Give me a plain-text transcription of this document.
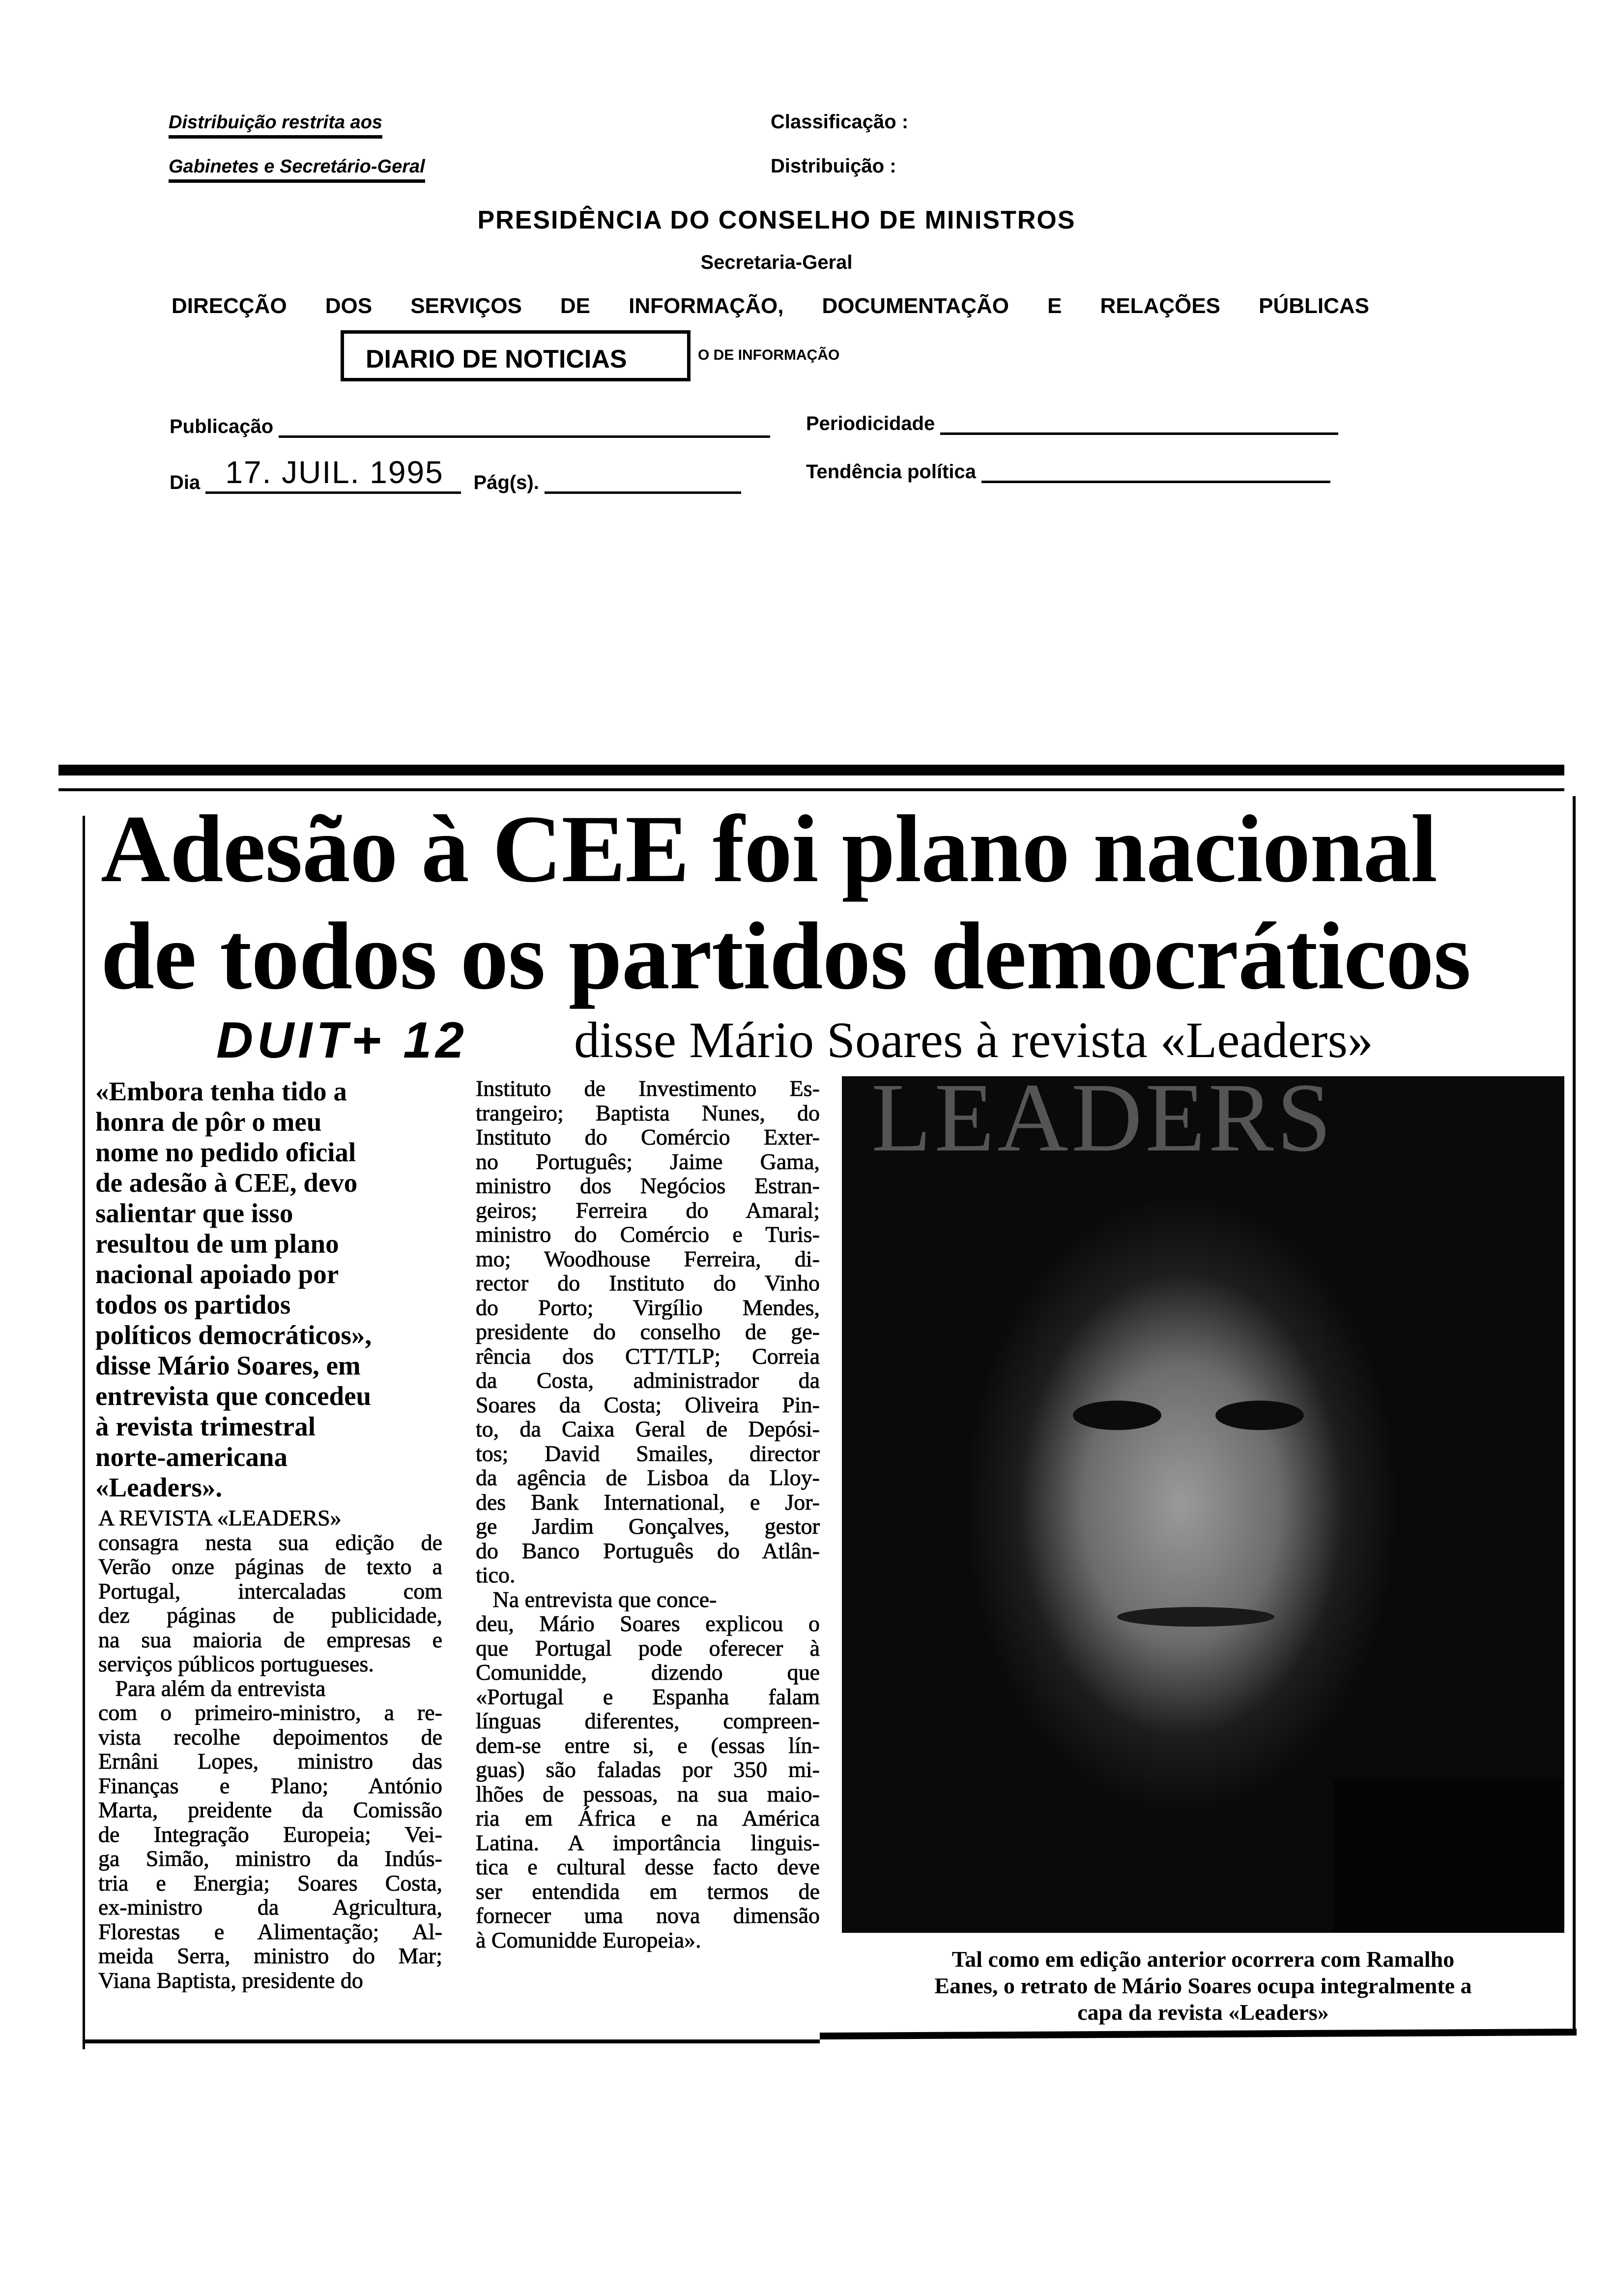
Distribuição restrita aos
Gabinetes e Secretário-Geral
Classificação :
Distribuição :
PRESIDÊNCIA DO CONSELHO DE MINISTROS
Secretaria-Geral
DIRECÇÃO DOS SERVIÇOS DE INFORMAÇÃO, DOCUMENTAÇÃO E RELAÇÕES PÚBLICAS
DIARIO DE NOTICIAS	O DE INFORMAÇÃO
Publicação	Periodicidade
Dia 17. JUIL. 1995 Pág(s).	Tendência política
Adesão à CEE foi plano nacional
de todos os partidos democráticos
DUIT+ 12 disse Mário Soares à revista «Leaders»
«Embora tenha tido a
honra de pôr o meu
nome no pedido oficial
de adesão à CEE, devo
salientar que isso
resultou de um plano
nacional apoiado por
todos os partidos
políticos democráticos»,
disse Mário Soares, em
entrevista que concedeu
à revista trimestral
norte-americana
«Leaders».
A REVISTA «LEADERS»
consagra nesta sua edição de
Verão onze páginas de texto a
Portugal, intercaladas com
dez páginas de publicidade,
na sua maioria de empresas e
serviços públicos portugueses.
Para além da entrevista
com o primeiro-ministro, a re-
vista recolhe depoimentos de
Ernâni Lopes, ministro das
Finanças e Plano; António
Marta, preidente da Comissão
de Integração Europeia; Vei-
ga Simão, ministro da Indús-
tria e Energia; Soares Costa,
ex-ministro da Agricultura,
Florestas e Alimentação; Al-
meida Serra, ministro do Mar;
Viana Baptista, presidente do
Instituto de Investimento Es-
trangeiro; Baptista Nunes, do
Instituto do Comércio Exter-
no Português; Jaime Gama,
ministro dos Negócios Estran-
geiros; Ferreira do Amaral;
ministro do Comércio e Turis-
mo; Woodhouse Ferreira, di-
rector do Instituto do Vinho
do Porto; Virgílio Mendes,
presidente do conselho de ge-
rência dos CTT/TLP; Correia
da Costa, administrador da
Soares da Costa; Oliveira Pin-
to, da Caixa Geral de Depósi-
tos; David Smailes, director
da agência de Lisboa da Lloy-
des Bank International, e Jor-
ge Jardim Gonçalves, gestor
do Banco Português do Atlân-
tico.
Na entrevista que conce-
deu, Mário Soares explicou o
que Portugal pode oferecer à
Comunidde, dizendo que
«Portugal e Espanha falam
línguas diferentes, compreen-
dem-se entre si, e (essas lín-
guas) são faladas por 350 mi-
lhões de pessoas, na sua maio-
ria em África e na América
Latina. A importância linguis-
tica e cultural desse facto deve
ser entendida em termos de
fornecer uma nova dimensão
à Comunidde Europeia».
LEADERS
Tal como em edição anterior ocorrera com Ramalho
Eanes, o retrato de Mário Soares ocupa integralmente a
capa da revista «Leaders»
